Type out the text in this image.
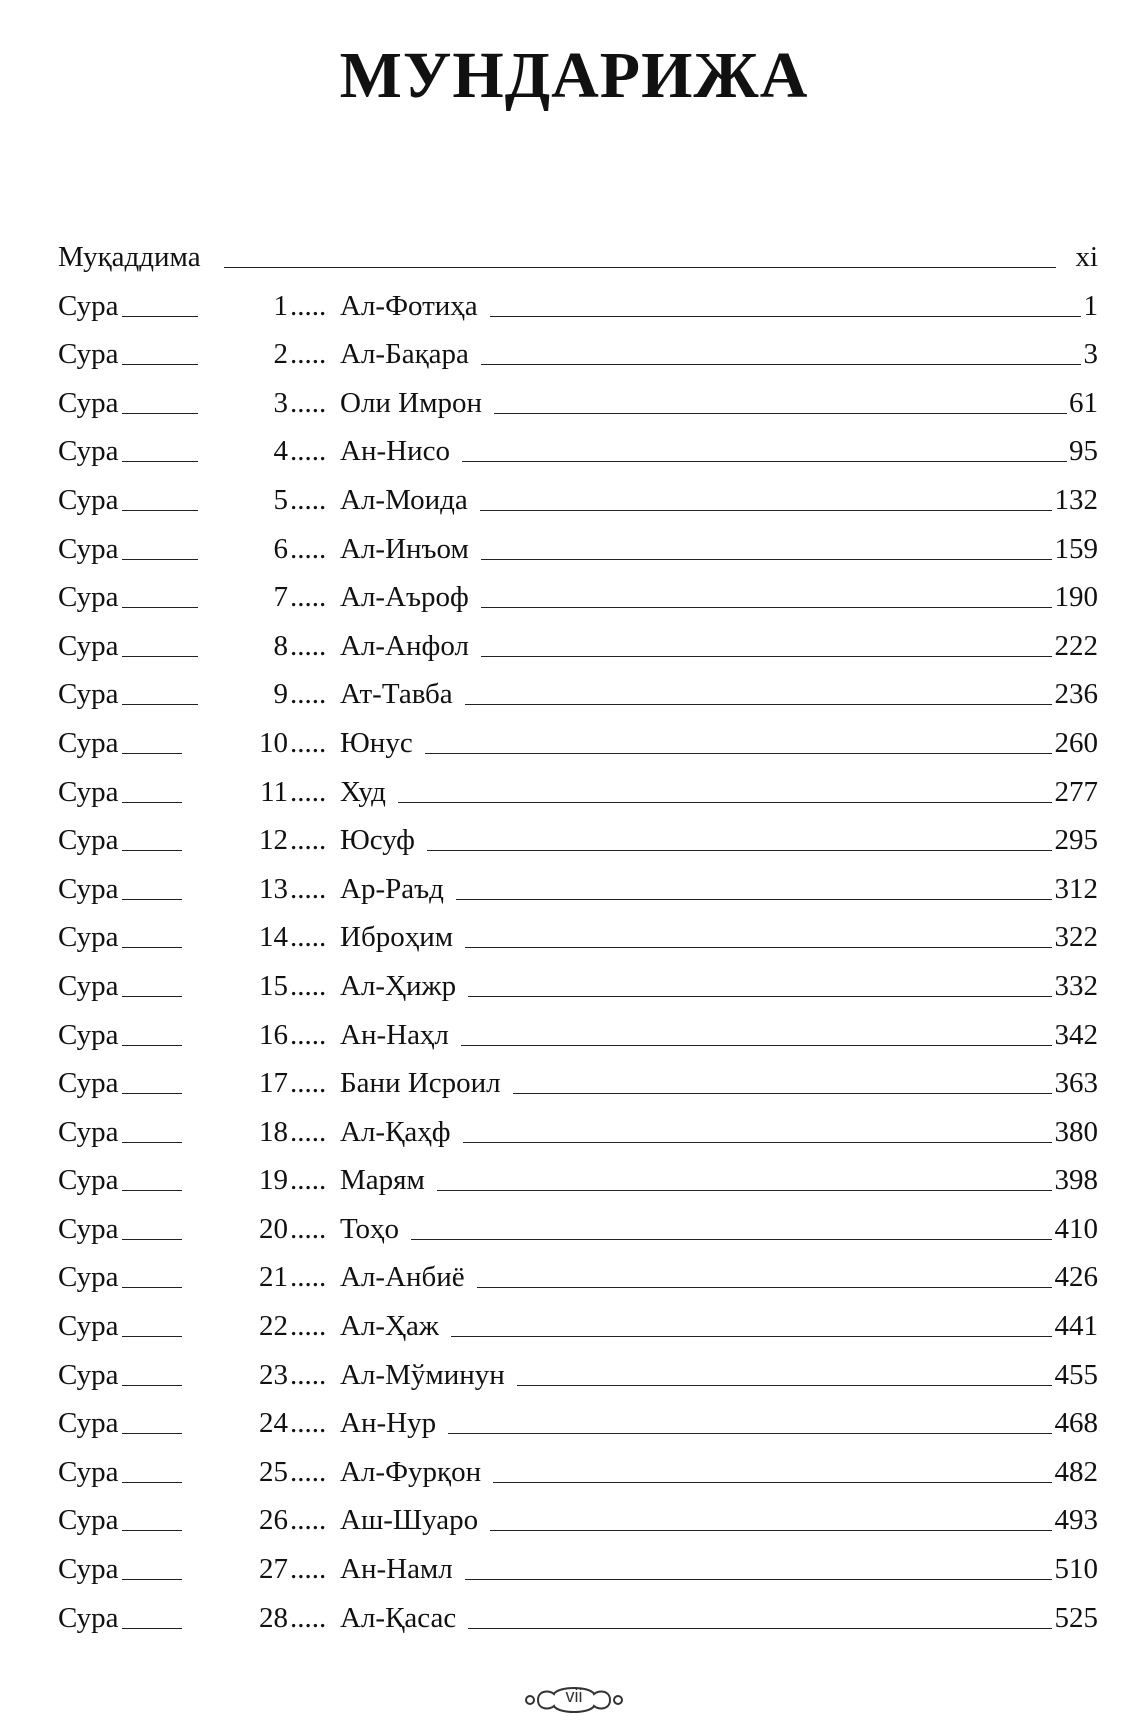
МУНДАРИЖА
Муқаддима	xi
Сура	1 ..... Ал-Фотиҳа	1
Сура	2 ..... Ал-Бақара	3
Сура	3 ..... Оли Имрон	61
Сура	4 ..... Ан-Нисо	95
Сура	5 ..... Ал-Моида	132
Сура	6 ..... Ал-Инъом	159
Сура	7 ..... Ал-Аъроф	190
Сура	8 ..... Ал-Анфол	222
Сура	9 ..... Ат-Тавба	236
Сура	10 ..... Юнус	260
Сура	11 ..... Худ	277
Сура	12 ..... Юсуф	295
Сура	13 ..... Ар-Раъд	312
Сура	14 ..... Иброҳим	322
Сура	15 ..... Ал-Ҳижр	332
Сура	16 ..... Ан-Наҳл	342
Сура	17 ..... Бани Исроил	363
Сура	18 ..... Ал-Қаҳф	380
Сура	19 ..... Марям	398
Сура	20 ..... Тоҳо	410
Сура	21 ..... Ал-Анбиё	426
Сура	22 ..... Ал-Ҳаж	441
Сура	23 ..... Ал-Мўминун	455
Сура	24 ..... Ан-Нур	468
Сура	25 ..... Ал-Фурқон	482
Сура	26 ..... Аш-Шуаро	493
Сура	27 ..... Ан-Намл	510
Сура	28 ..... Ал-Қасас	525
vii
